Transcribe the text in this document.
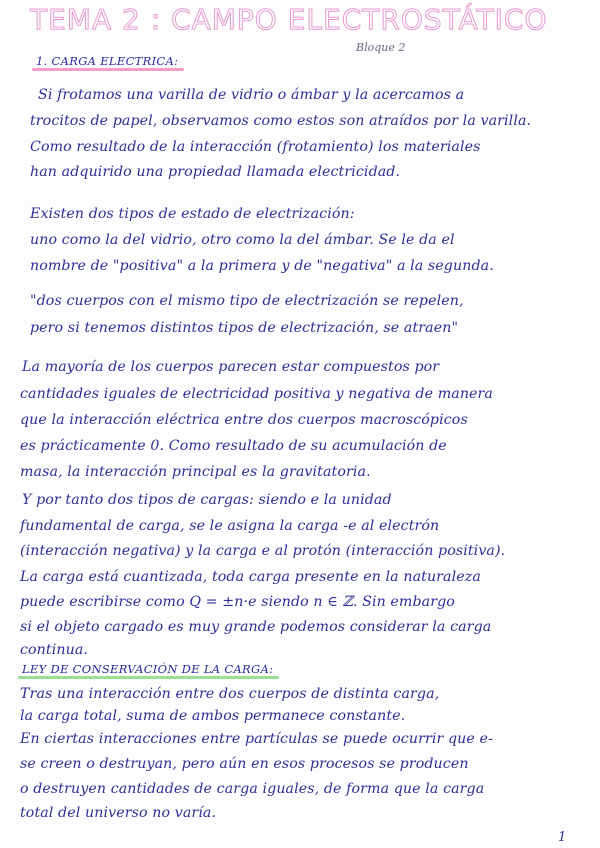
TEMA 2 : CAMPO ELECTROSTÁTICO
Bloque 2
1. CARGA ELECTRICA:
Si frotamos una varilla de vidrio o ámbar y la acercamos a
trocitos de papel, observamos como estos son atraídos por la varilla.
Como resultado de la interacción (frotamiento) los materiales
han adquirido una propiedad llamada electricidad.
Existen dos tipos de estado de electrización:
uno como la del vidrio, otro como la del ámbar. Se le da el
nombre de "positiva" a la primera y de "negativa" a la segunda.
"dos cuerpos con el mismo tipo de electrización se repelen,
pero si tenemos distintos tipos de electrización, se atraen"
La mayoría de los cuerpos parecen estar compuestos por
cantidades iguales de electricidad positiva y negativa de manera
que la interacción eléctrica entre dos cuerpos macroscópicos
es prácticamente 0. Como resultado de su acumulación de
masa, la interacción principal es la gravitatoria.
Y por tanto dos tipos de cargas: siendo e la unidad
fundamental de carga, se le asigna la carga -e al electrón
(interacción negativa) y la carga e al protón (interacción positiva).
La carga está cuantizada, toda carga presente en la naturaleza
puede escribirse como Q = ±n·e siendo n ∈ ℤ. Sin embargo
si el objeto cargado es muy grande podemos considerar la carga
continua.
LEY DE CONSERVACIÓN DE LA CARGA:
Tras una interacción entre dos cuerpos de distinta carga,
la carga total, suma de ambos permanece constante.
En ciertas interacciones entre partículas se puede ocurrir que e-
se creen o destruyan, pero aún en esos procesos se producen
o destruyen cantidades de carga iguales, de forma que la carga
total del universo no varía.
1
